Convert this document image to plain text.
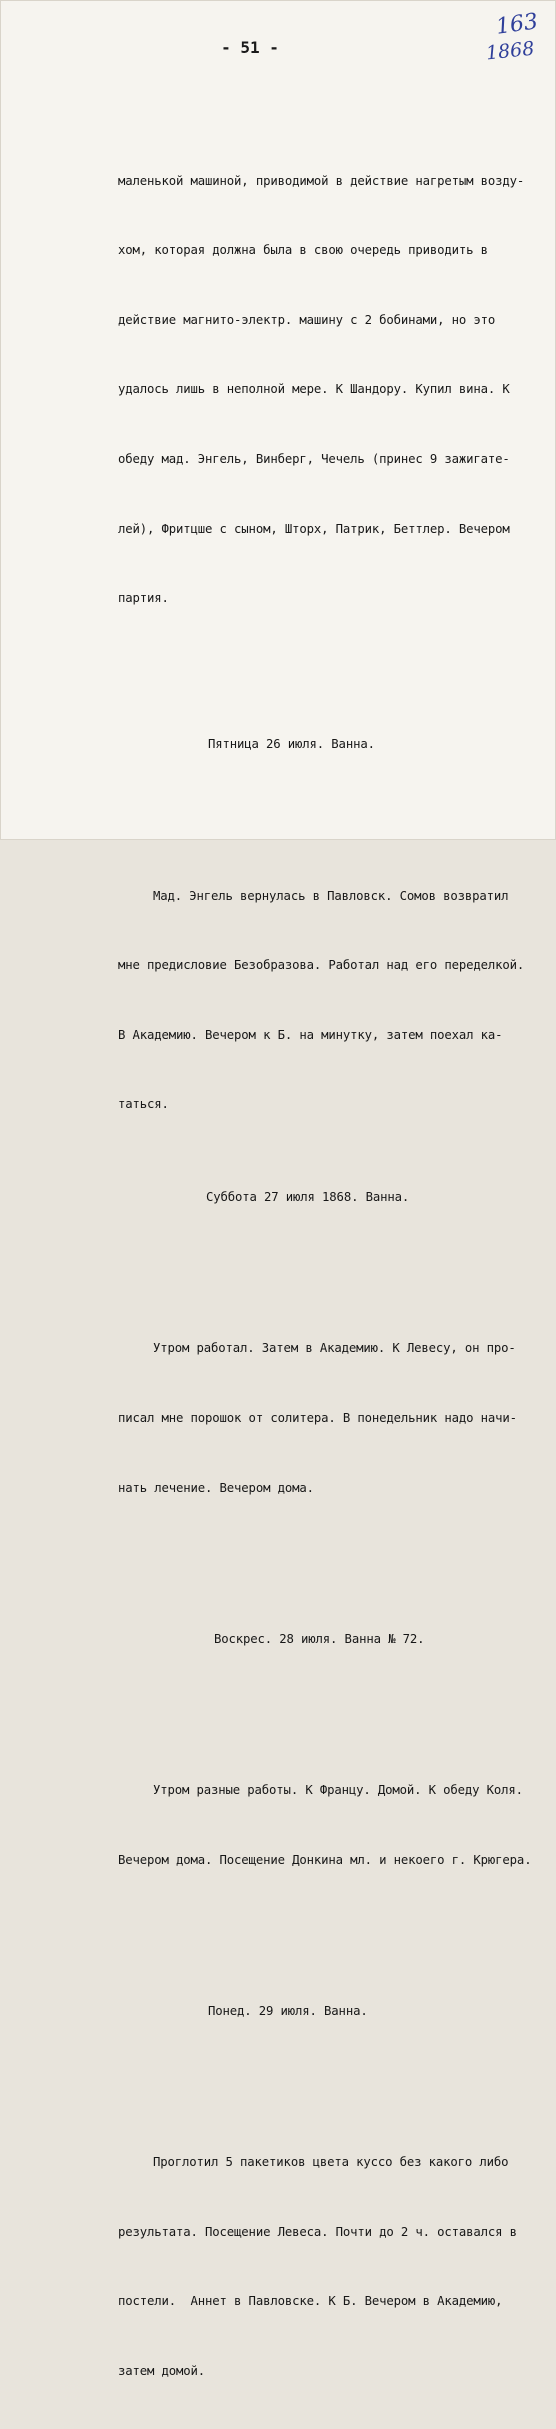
- 51 -
163
1868

маленькой машиной, приводимой в действие нагретым возду-

хом, которая должна была в свою очередь приводить в

действие магнито-электр. машину с 2 бобинами, но это

удалось лишь в неполной мере. К Шандору. Купил вина. К

обеду мад. Энгель, Винберг, Чечель (принес 9 зажигате-

лей), Фритцше с сыном, Шторх, Патрик, Беттлер. Вечером

партия.

Пятница 26 июля. Ванна.

Мад. Энгель вернулась в Павловск. Сомов возвратил

мне предисловие Безобразова. Работал над его переделкой.

В Академию. Вечером к Б. на минутку, затем поехал ка-

таться.

Суббота 27 июля 1868. Ванна.

Утром работал. Затем в Академию. К Левесу, он про-

писал мне порошок от солитера. В понедельник надо начи-

нать лечение. Вечером дома.

Воскрес. 28 июля. Ванна № 72.

Утром разные работы. К Францу. Домой. К обеду Коля.

Вечером дома. Посещение Донкина мл. и некоего г. Крюгера.

Понед. 29 июля. Ванна.

Проглотил 5 пакетиков цвета куссо без какого либо

результата. Посещение Левеса. Почти до 2 ч. оставался в

постели.  Аннет в Павловске. К Б. Вечером в Академию,

затем домой.
